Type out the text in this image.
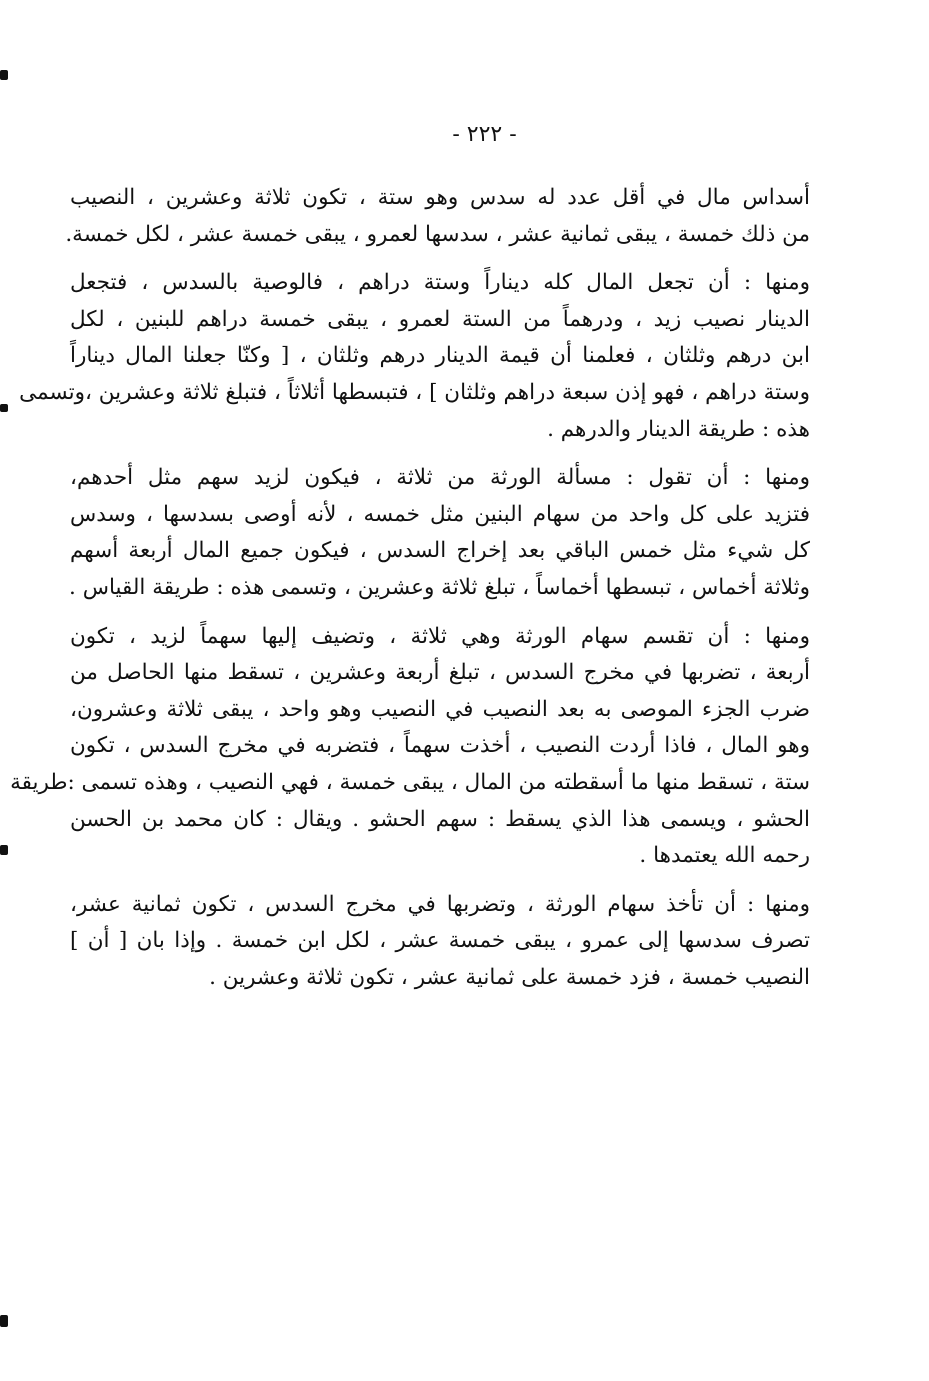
- ٢٢٢ -

أسداس مال في أقل عدد له سدس وهو ستة ، تكون ثلاثة وعشرين ، النصيب
من ذلك خمسة ، يبقى ثمانية عشر ، سدسها لعمرو ، يبقى خمسة عشر ، لكل خمسة.

ومنها : أن تجعل المال كله ديناراً وستة دراهم ، فالوصية بالسدس ، فتجعل
الدينار نصيب زيد ، ودرهماً من الستة لعمرو ، يبقى خمسة دراهم للبنين ، لكل
ابن درهم وثلثان ، فعلمنا أن قيمة الدينار درهم وثلثان ، [ وكنّا جعلنا المال ديناراً
وستة دراهم ، فهو إذن سبعة دراهم وثلثان ] ، فتبسطها أثلاثاً ، فتبلغ ثلاثة وعشرين ،وتسمى
هذه : طريقة الدينار والدرهم .

ومنها : أن تقول : مسألة الورثة من ثلاثة ، فيكون لزيد سهم مثل أحدهم،
فتزيد على كل واحد من سهام البنين مثل خمسه ، لأنه أوصى بسدسها ، وسدس
كل شيء مثل خمس الباقي بعد إخراج السدس ، فيكون جميع المال أربعة أسهم
وثلاثة أخماس ، تبسطها أخماساً ، تبلغ ثلاثة وعشرين ، وتسمى هذه : طريقة القياس .

ومنها : أن تقسم سهام الورثة وهي ثلاثة ، وتضيف إليها سهماً لزيد ، تكون
أربعة ، تضربها في مخرج السدس ، تبلغ أربعة وعشرين ، تسقط منها الحاصل من
ضرب الجزء الموصى به بعد النصيب في النصيب وهو واحد ، يبقى ثلاثة وعشرون،
وهو المال ، فاذا أردت النصيب ، أخذت سهماً ، فتضربه في مخرج السدس ، تكون
ستة ، تسقط منها ما أسقطته من المال ، يبقى خمسة ، فهي النصيب ، وهذه تسمى :طريقة
الحشو ، ويسمى هذا الذي يسقط : سهم الحشو . ويقال : كان محمد بن الحسن
رحمه الله يعتمدها .

ومنها : أن تأخذ سهام الورثة ، وتضربها في مخرج السدس ، تكون ثمانية عشر،
تصرف سدسها إلى عمرو ، يبقى خمسة عشر ، لكل ابن خمسة . وإذا بان [ أن ]
النصيب خمسة ، فزد خمسة على ثمانية عشر ، تكون ثلاثة وعشرين .
